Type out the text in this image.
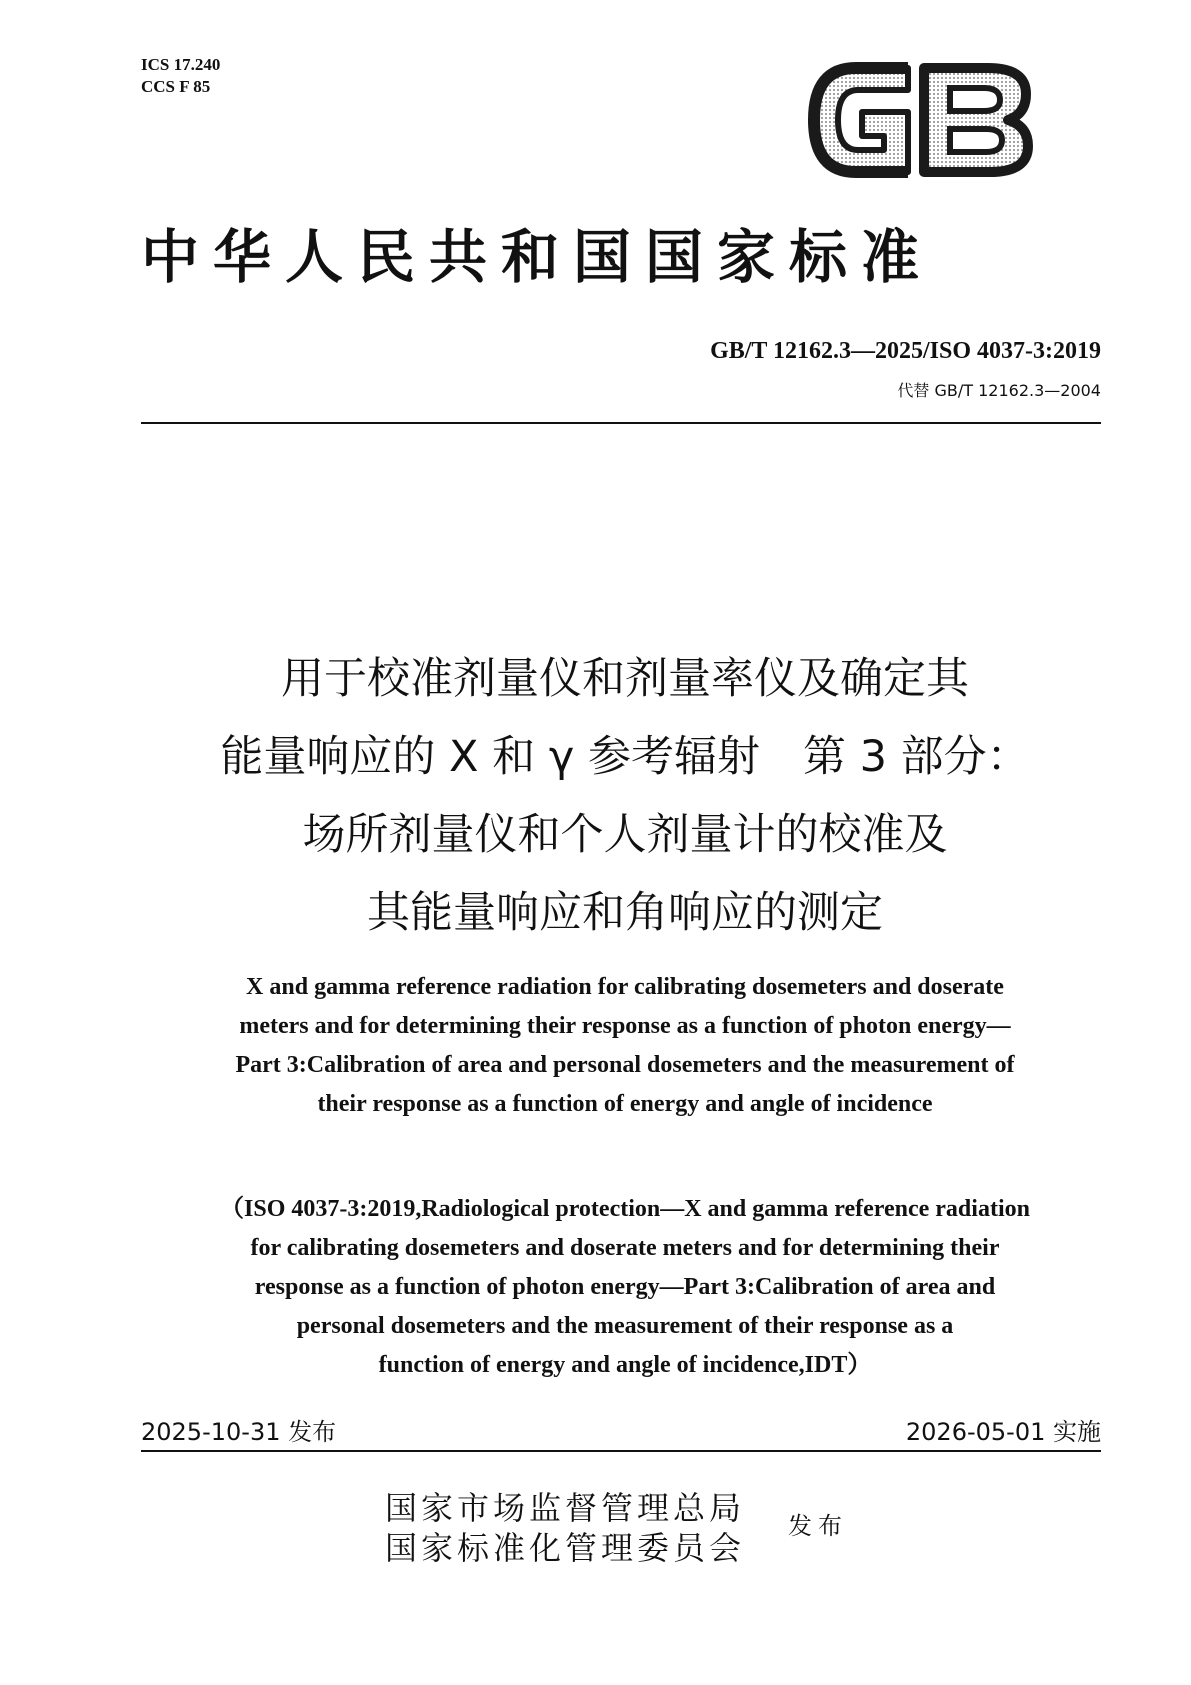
ICS 17.240
CCS F 85
中华人民共和国国家标准
GB/T 12162.3—2025/ISO 4037-3:2019
代替 GB/T 12162.3—2004
用于校准剂量仪和剂量率仪及确定其
能量响应的 X 和 γ 参考辐射　第 3 部分：
场所剂量仪和个人剂量计的校准及
其能量响应和角响应的测定
X and gamma reference radiation for calibrating dosemeters and doserate
meters and for determining their response as a function of photon energy—
Part 3:Calibration of area and personal dosemeters and the measurement of
their response as a function of energy and angle of incidence
（ISO 4037-3:2019,Radiological protection—X and gamma reference radiation
for calibrating dosemeters and doserate meters and for determining their
response as a function of photon energy—Part 3:Calibration of area and
personal dosemeters and the measurement of their response as a
function of energy and angle of incidence,IDT）
2025-10-31 发布	2026-05-01 实施
国家市场监督管理总局
国家标准化管理委员会
发布
